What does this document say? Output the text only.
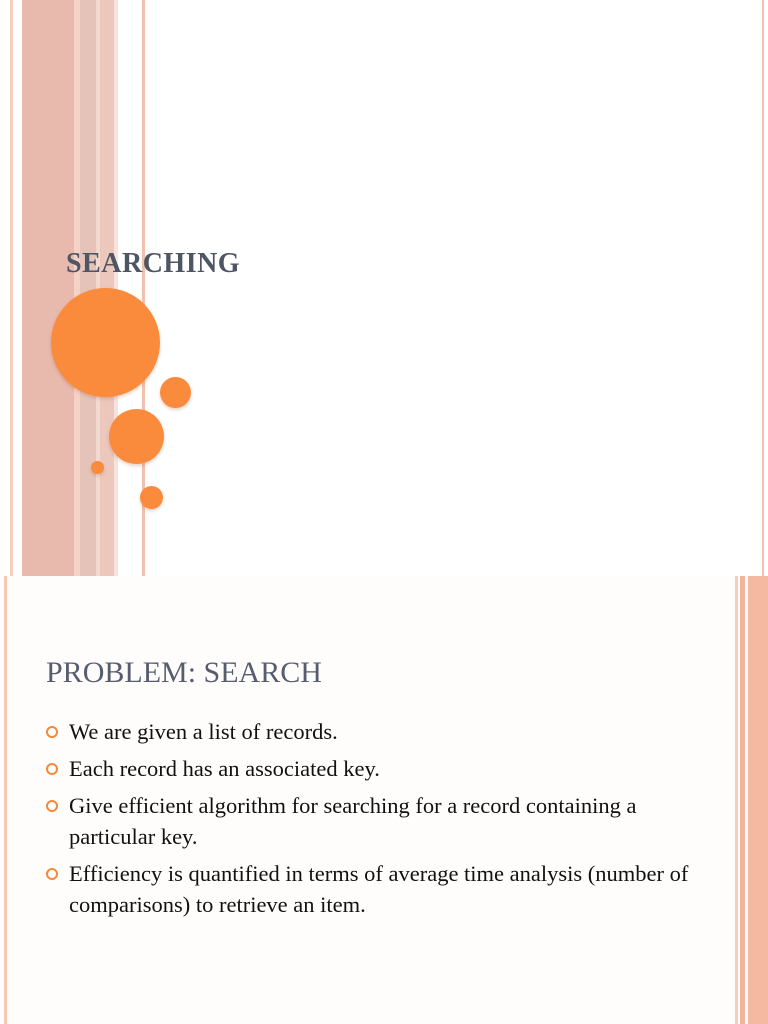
SEARCHING
PROBLEM: SEARCH
We are given a list of records.
Each record has an associated key.
Give efficient algorithm for searching for a record containing a particular key.
Efficiency is quantified in terms of average time analysis (number of comparisons) to retrieve an item.
